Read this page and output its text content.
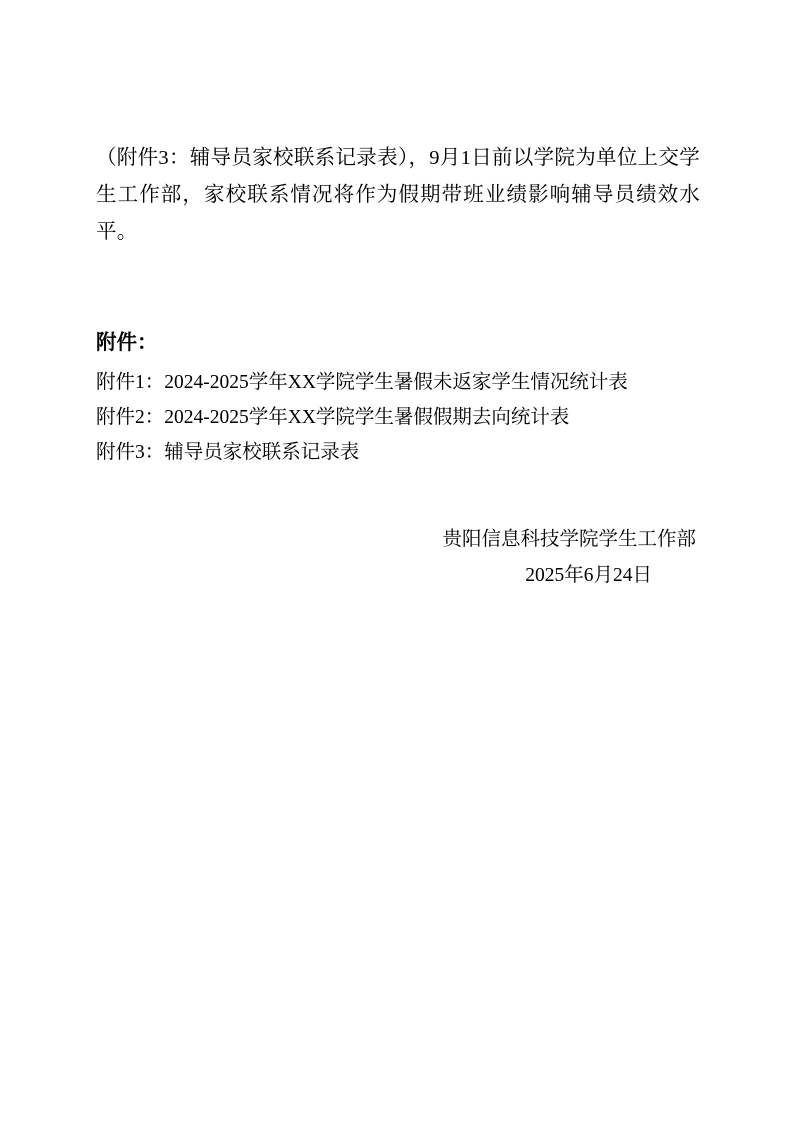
（附件3：辅导员家校联系记录表），9月1日前以学院为单位上交学生工作部，家校联系情况将作为假期带班业绩影响辅导员绩效水平。

附件：

附件1：2024-2025学年XX学院学生暑假未返家学生情况统计表

附件2：2024-2025学年XX学院学生暑假假期去向统计表

附件3：辅导员家校联系记录表

贵阳信息科技学院学生工作部

2025年6月24日
